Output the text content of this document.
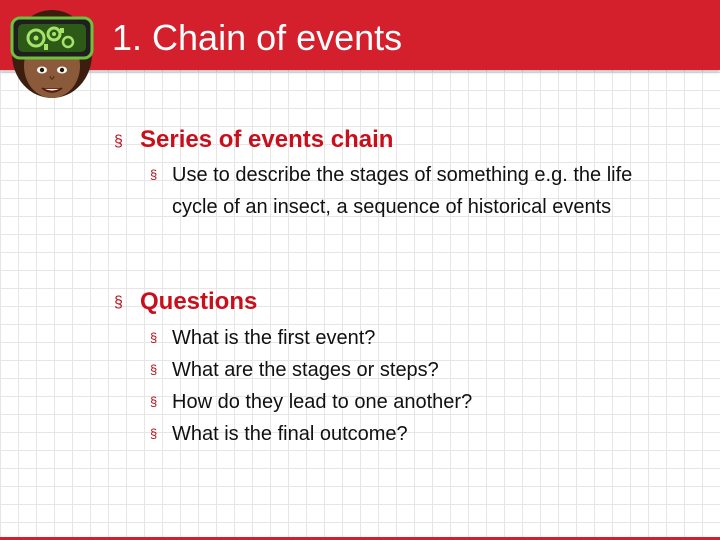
1. Chain of events
§ Series of events chain
§ Use to describe the stages of something e.g. the life cycle of an insect, a sequence of historical events
§ Questions
§ What is the first event?
§ What are the stages or steps?
§ How do they lead to one another?
§ What is the final outcome?
